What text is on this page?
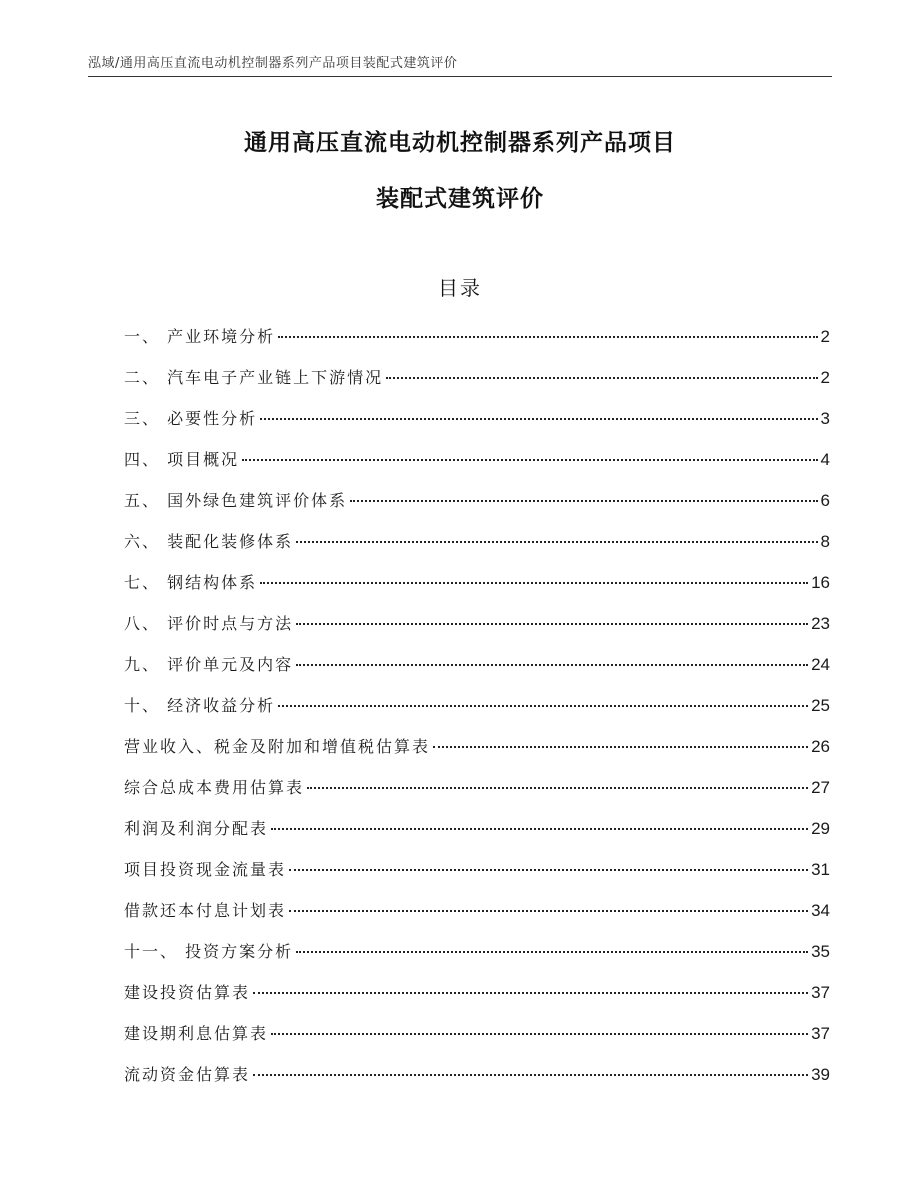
泓域/通用高压直流电动机控制器系列产品项目装配式建筑评价
通用高压直流电动机控制器系列产品项目
装配式建筑评价
目录
一、 产业环境分析	2
二、 汽车电子产业链上下游情况	2
三、 必要性分析	3
四、 项目概况	4
五、 国外绿色建筑评价体系	6
六、 装配化装修体系	8
七、 钢结构体系	16
八、 评价时点与方法	23
九、 评价单元及内容	24
十、 经济收益分析	25
营业收入、税金及附加和增值税估算表	26
综合总成本费用估算表	27
利润及利润分配表	29
项目投资现金流量表	31
借款还本付息计划表	34
十一、 投资方案分析	35
建设投资估算表	37
建设期利息估算表	37
流动资金估算表	39
